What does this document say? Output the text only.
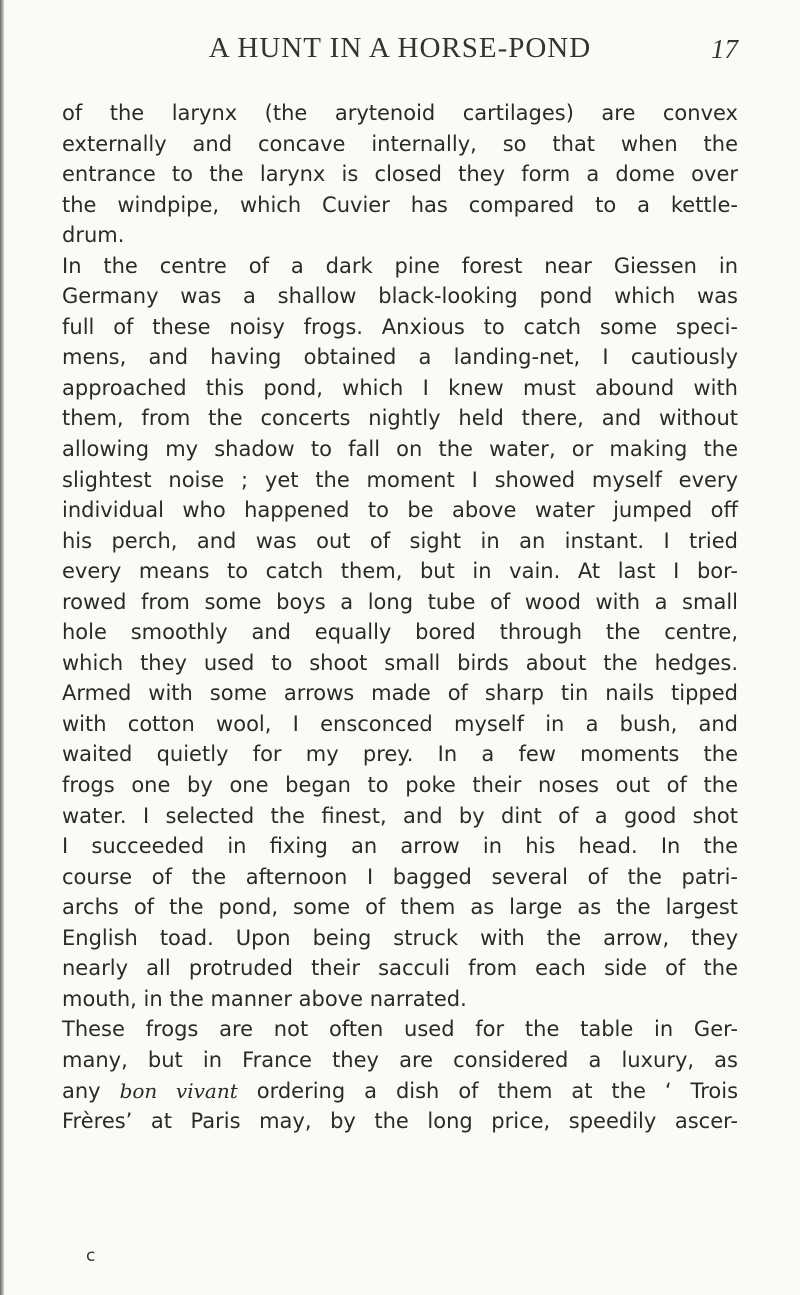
A HUNT IN A HORSE-POND	17
of the larynx (the arytenoid cartilages) are convex
externally and concave internally, so that when the
entrance to the larynx is closed they form a dome over
the windpipe, which Cuvier has compared to a kettle-
drum.
In the centre of a dark pine forest near Giessen in
Germany was a shallow black-looking pond which was
full of these noisy frogs. Anxious to catch some speci-
mens, and having obtained a landing-net, I cautiously
approached this pond, which I knew must abound with
them, from the concerts nightly held there, and without
allowing my shadow to fall on the water, or making the
slightest noise ; yet the moment I showed myself every
individual who happened to be above water jumped off
his perch, and was out of sight in an instant. I tried
every means to catch them, but in vain. At last I bor-
rowed from some boys a long tube of wood with a small
hole smoothly and equally bored through the centre,
which they used to shoot small birds about the hedges.
Armed with some arrows made of sharp tin nails tipped
with cotton wool, I ensconced myself in a bush, and
waited quietly for my prey. In a few moments the
frogs one by one began to poke their noses out of the
water. I selected the finest, and by dint of a good shot
I succeeded in fixing an arrow in his head. In the
course of the afternoon I bagged several of the patri-
archs of the pond, some of them as large as the largest
English toad. Upon being struck with the arrow, they
nearly all protruded their sacculi from each side of the
mouth, in the manner above narrated.
These frogs are not often used for the table in Ger-
many, but in France they are considered a luxury, as
any bon vivant ordering a dish of them at the ‘ Trois
Frères’ at Paris may, by the long price, speedily ascer-
c
